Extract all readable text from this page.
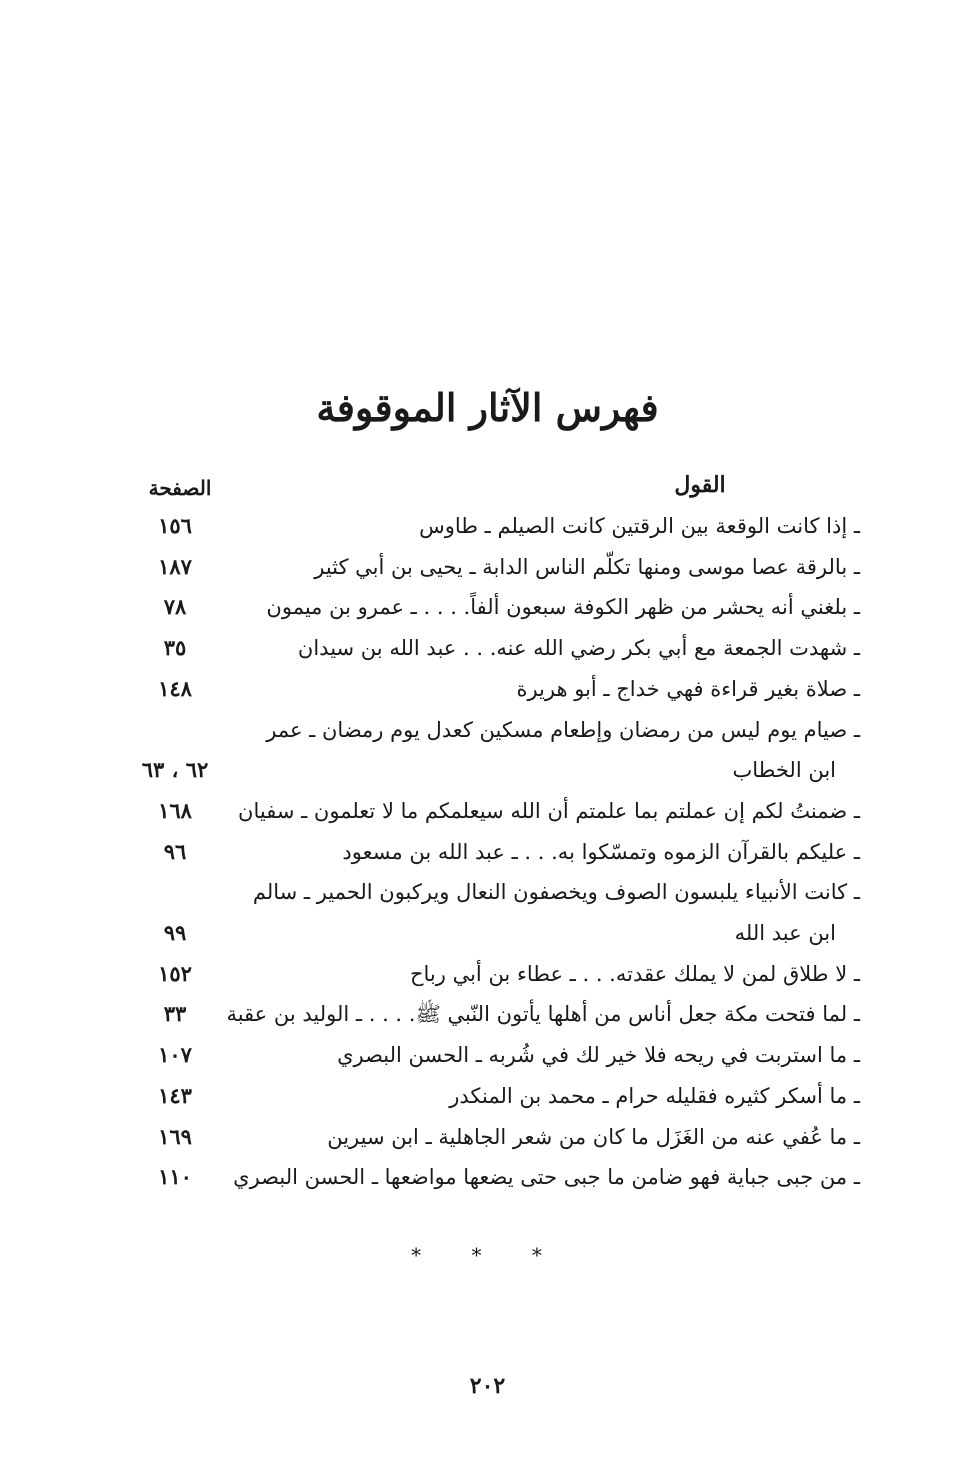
فهرس الآثار الموقوفة
القول
الصفحة
ـ إذا كانت الوقعة بين الرقتين كانت الصيلم ـ طاوس
١٥٦
ـ بالرقة عصا موسى ومنها تكلّم الناس الدابة ـ يحيى بن أبي كثير
١٨٧
ـ بلغني أنه يحشر من ظهر الكوفة سبعون ألفاً. . . . ـ عمرو بن ميمون
٧٨
ـ شهدت الجمعة مع أبي بكر رضي الله عنه. . . عبد الله بن سيدان
٣٥
ـ صلاة بغير قراءة فهي خداج ـ أبو هريرة
١٤٨
ـ صيام يوم ليس من رمضان وإطعام مسكين كعدل يوم رمضان ـ عمر
ابن الخطاب
٦٢ ، ٦٣
ـ ضمنتُ لكم إن عملتم بما علمتم أن الله سيعلمكم ما لا تعلمون ـ سفيان
١٦٨
ـ عليكم بالقرآن الزموه وتمسّكوا به. . . ـ عبد الله بن مسعود
٩٦
ـ كانت الأنبياء يلبسون الصوف ويخصفون النعال ويركبون الحمير ـ سالم
ابن عبد الله
٩٩
ـ لا طلاق لمن لا يملك عقدته. . . ـ عطاء بن أبي رباح
١٥٢
ـ لما فتحت مكة جعل أناس من أهلها يأتون النّبي ﷺ. . . . ـ الوليد بن عقبة
٣٣
ـ ما استربت في ريحه فلا خير لك في شُربه ـ الحسن البصري
١٠٧
ـ ما أسكر كثيره فقليله حرام ـ محمد بن المنكدر
١٤٣
ـ ما عُفي عنه من الغَزَل ما كان من شعر الجاهلية ـ ابن سيرين
١٦٩
ـ من جبى جباية فهو ضامن ما جبى حتى يضعها مواضعها ـ الحسن البصري
١١٠
* * *
٢٠٢
